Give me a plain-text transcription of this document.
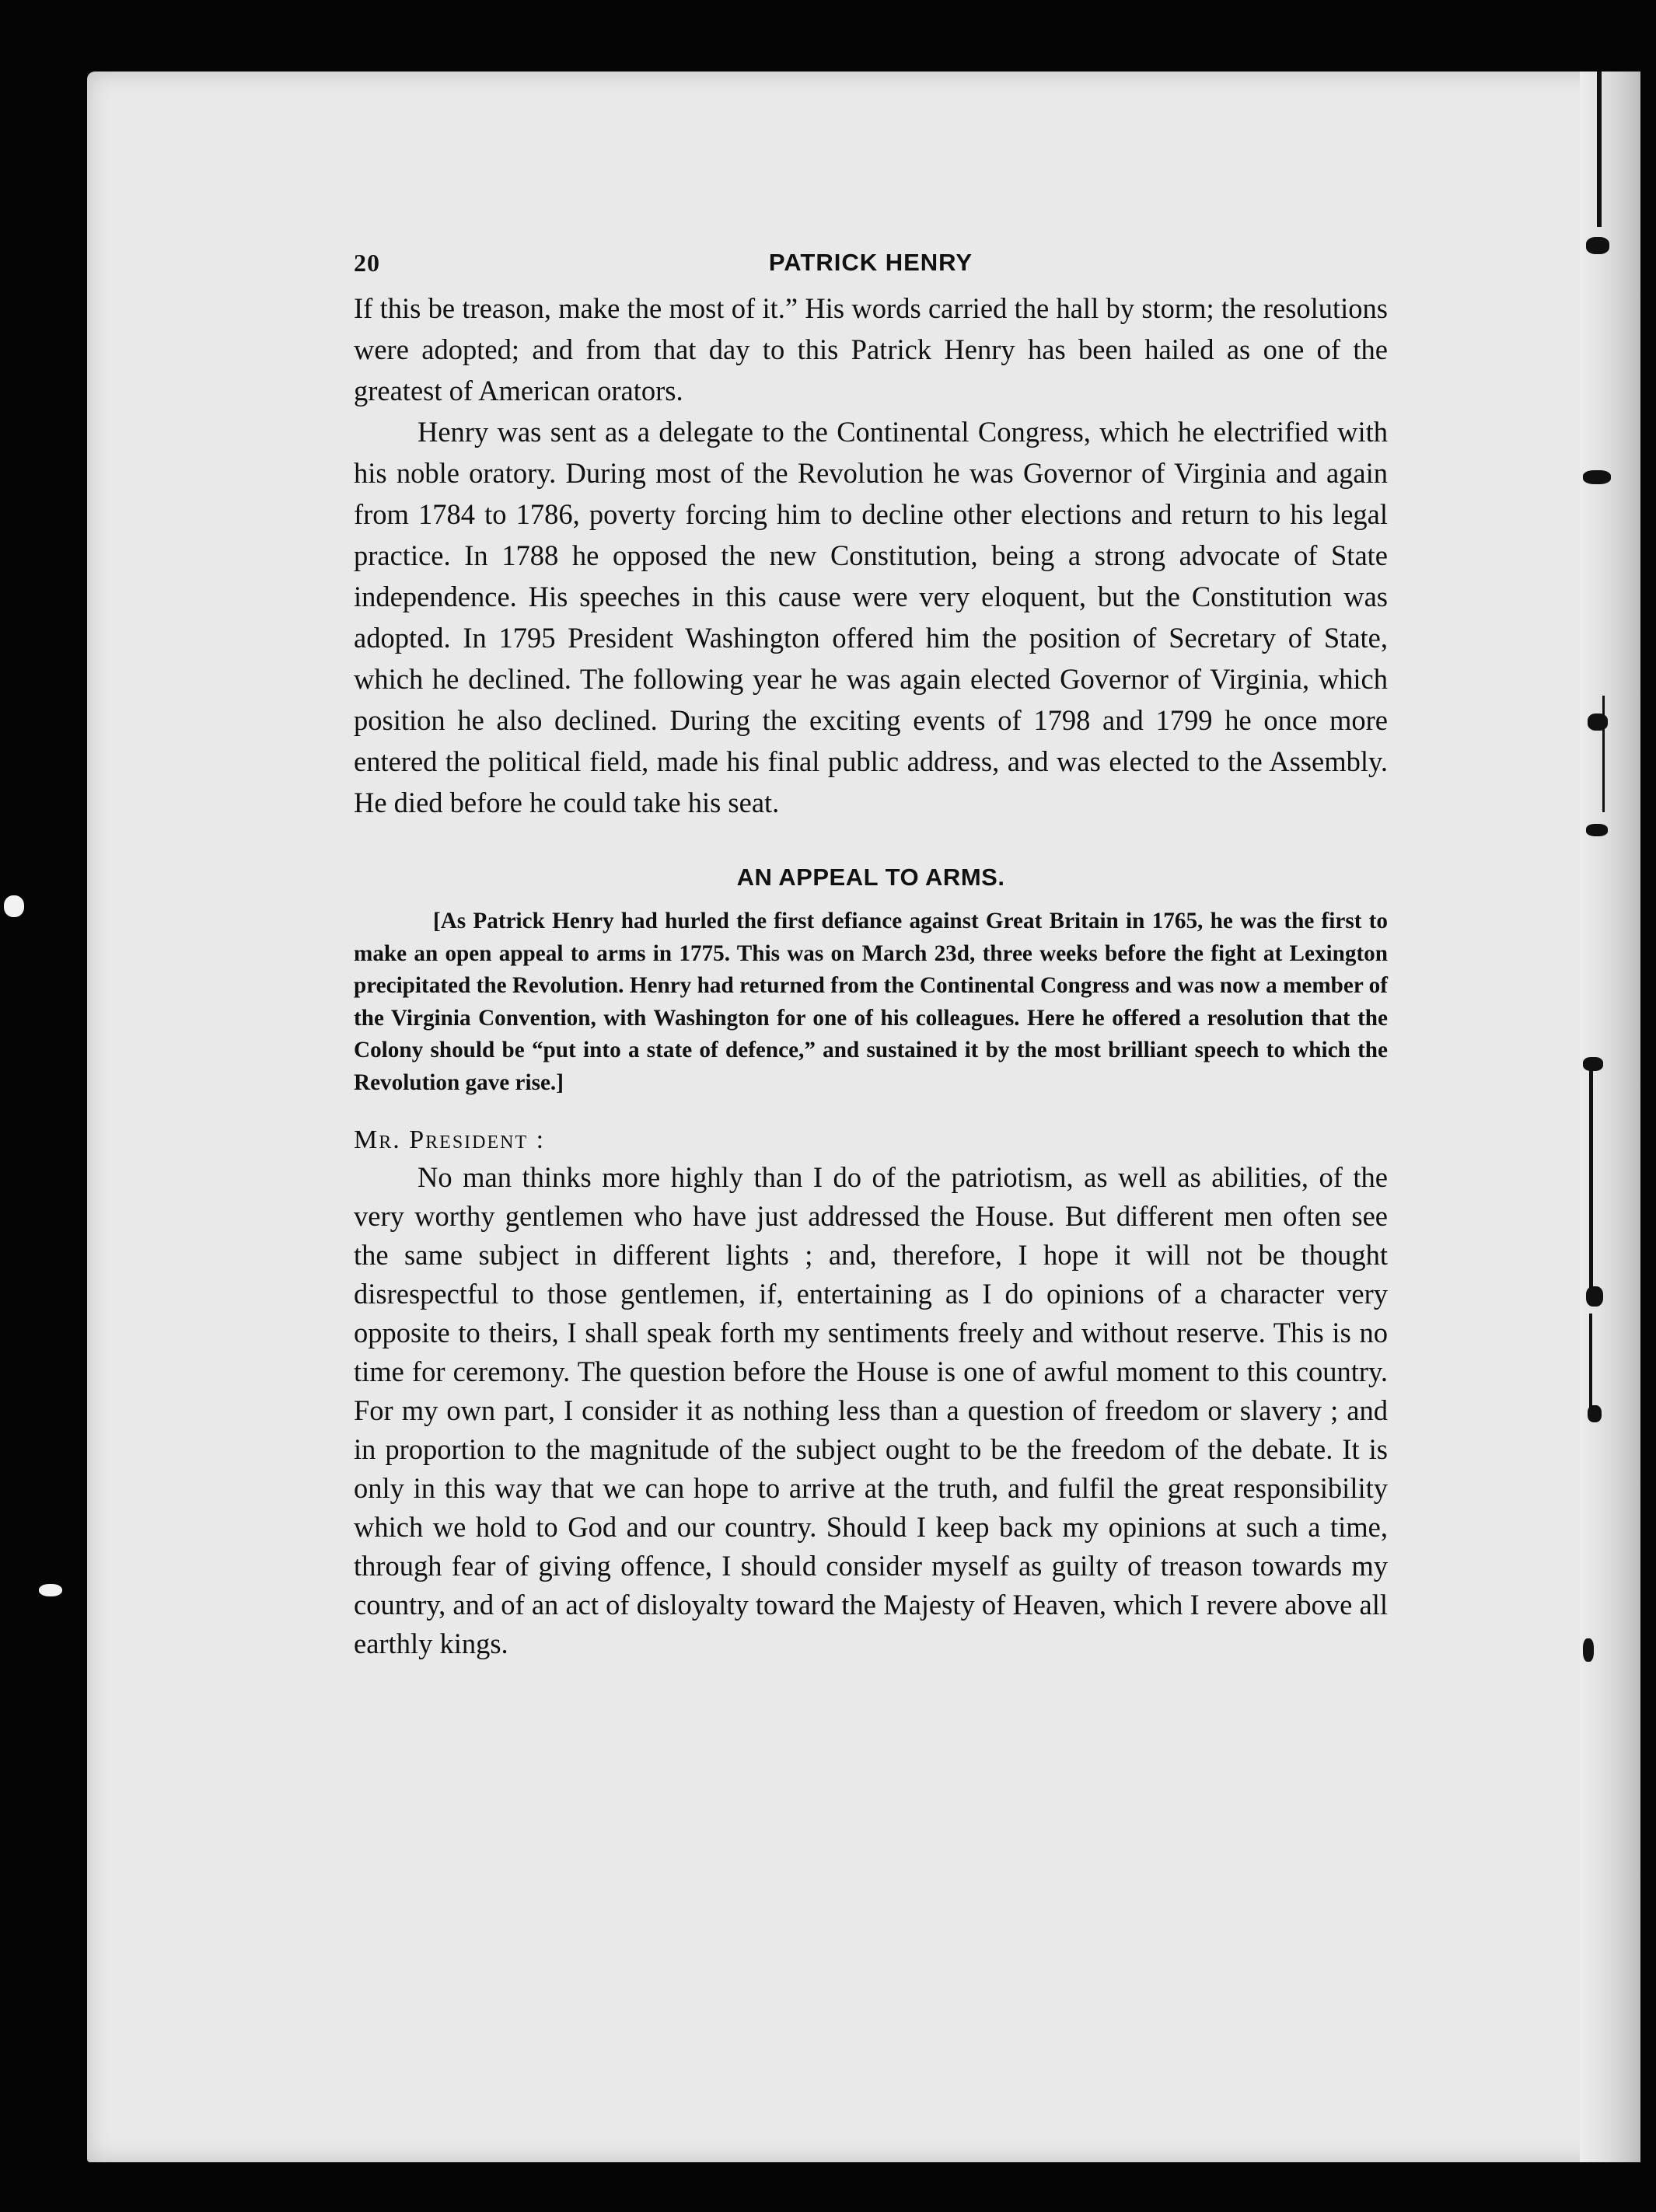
20	PATRICK HENRY

If this be treason, make the most of it.” His words carried the hall by storm; the resolutions were adopted; and from that day to this Patrick Henry has been hailed as one of the greatest of American orators.

Henry was sent as a delegate to the Continental Congress, which he electrified with his noble oratory. During most of the Revolution he was Governor of Virginia and again from 1784 to 1786, poverty forcing him to decline other elections and return to his legal practice. In 1788 he opposed the new Constitution, being a strong advocate of State independence. His speeches in this cause were very eloquent, but the Constitution was adopted. In 1795 President Washington offered him the position of Secretary of State, which he declined. The following year he was again elected Governor of Virginia, which position he also declined. During the exciting events of 1798 and 1799 he once more entered the political field, made his final public address, and was elected to the Assembly. He died before he could take his seat.

AN APPEAL TO ARMS.
[As Patrick Henry had hurled the first defiance against Great Britain in 1765, he was the first to make an open appeal to arms in 1775. This was on March 23d, three weeks before the fight at Lexington precipitated the Revolution. Henry had returned from the Continental Congress and was now a member of the Virginia Convention, with Washington for one of his colleagues. Here he offered a resolution that the Colony should be “put into a state of defence,” and sustained it by the most brilliant speech to which the Revolution gave rise.]
Mr. President :

No man thinks more highly than I do of the patriotism, as well as abilities, of the very worthy gentlemen who have just addressed the House. But different men often see the same subject in different lights ; and, therefore, I hope it will not be thought disrespectful to those gentlemen, if, entertaining as I do opinions of a character very opposite to theirs, I shall speak forth my sentiments freely and without reserve. This is no time for ceremony. The question before the House is one of awful moment to this country. For my own part, I consider it as nothing less than a question of freedom or slavery ; and in proportion to the magnitude of the subject ought to be the freedom of the debate. It is only in this way that we can hope to arrive at the truth, and fulfil the great responsibility which we hold to God and our country. Should I keep back my opinions at such a time, through fear of giving offence, I should consider myself as guilty of treason towards my country, and of an act of disloyalty toward the Majesty of Heaven, which I revere above all earthly kings.
